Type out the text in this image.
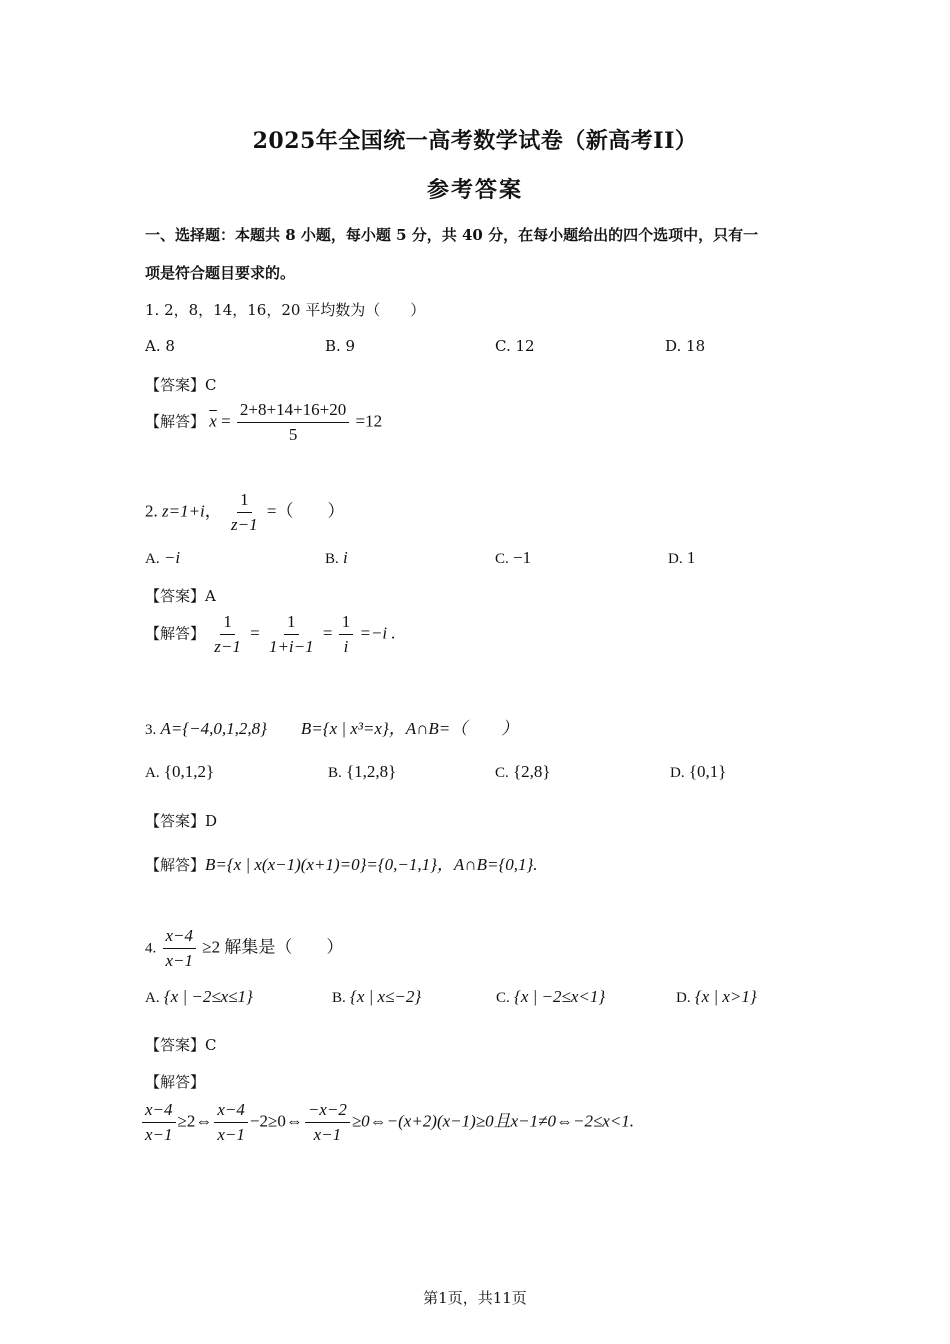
2025年全国统一高考数学试卷（新高考II）
参考答案
一、选择题：本题共 8 小题，每小题 5 分，共 40 分，在每小题给出的四个选项中，只有一
项是符合题目要求的。
1. 2，8，14，16，20 平均数为（　　）
A. 8	B. 9	C. 12	D. 18
【答案】C
【解答】 $\overline{x} = \frac{2+8+14+16+20}{5} =12$
2. z=1+i， $\frac{1}{z-1}$ =（　　）
A. −i	B. i	C. −1	D. 1
【答案】A
【解答】 $\frac{1}{z-1} = \frac{1}{1+i-1} = \frac{1}{i} =-i$ .
3. A={−4,0,1,2,8}　　B={x | x³=x}，A∩B=（　　）
A. {0,1,2}	B. {1,2,8}	C. {2,8}	D. {0,1}
【答案】D
【解答】B={x | x(x−1)(x+1)=0}={0,−1,1}，A∩B={0,1}.
4. $\frac{x-4}{x-1} \ge 2$ 解集是（　　）
A. {x | −2≤x≤1}	B. {x | x≤−2}	C. {x | −2≤x<1}	D. {x | x>1}
【答案】C
【解答】
$\frac{x-4}{x-1}$ ≥2⇔ $\frac{x-4}{x-1}$ −2≥0⇔ $\frac{-x-2}{x-1}$ ≥0⇔−(x+2)(x−1)≥0且x−1≠0⇔−2≤x<1.
第1页，共11页
